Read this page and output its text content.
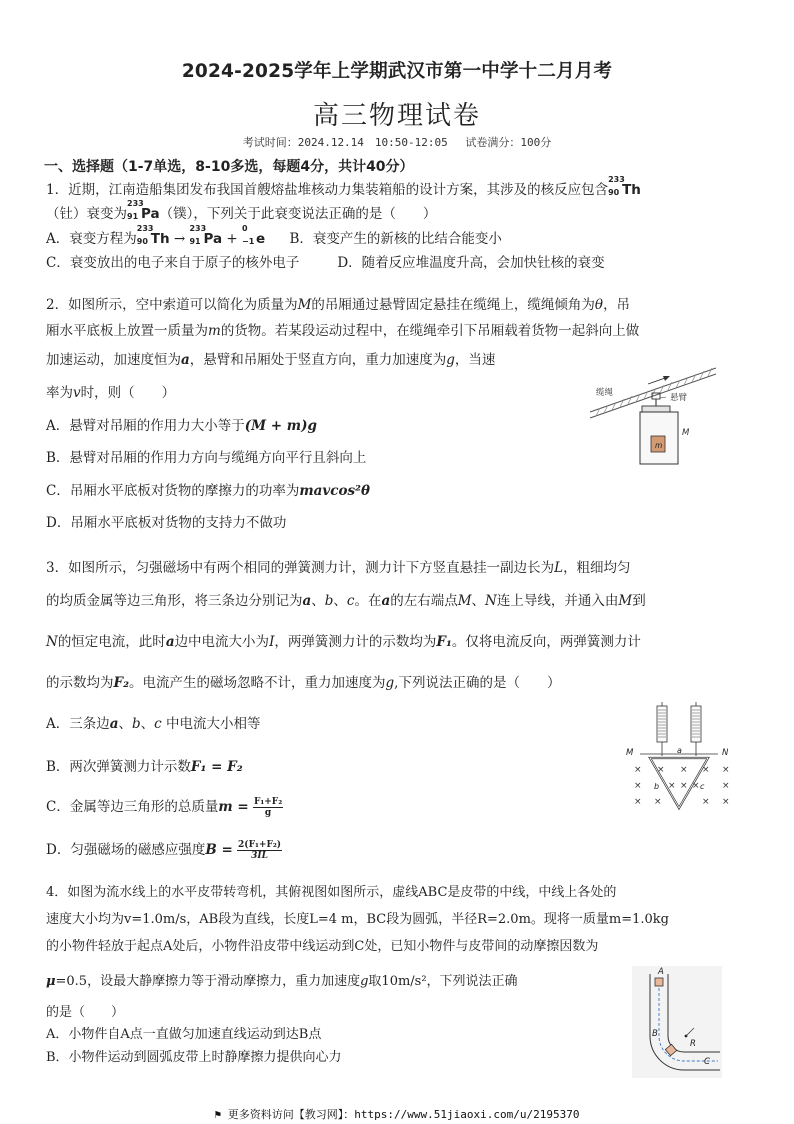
2024-2025学年上学期武汉市第一中学十二月月考
高三物理试卷
考试时间：2024.12.14　10:50-12:05　 试卷满分：100分
一、选择题（1-7单选，8-10多选，每题4分，共计40分）
1．近期，江南造船集团发布我国首艘熔盐堆核动力集装箱船的设计方案，其涉及的核反应包含
233
90 Th
（钍）衰变为
233
91 Pa（镤），下列关于此衰变说法正确的是（　　）
A．衰变方程为
233
90 Th →
233
91 Pa +
0
−1 e B．衰变产生的新核的比结合能变小
C．衰变放出的电子来自于原子的核外电子	D．随着反应堆温度升高，会加快钍核的衰变
2．如图所示，空中索道可以简化为质量为M的吊厢通过悬臂固定悬挂在缆绳上，缆绳倾角为θ，吊
厢水平底板上放置一质量为m的货物。若某段运动过程中，在缆绳牵引下吊厢载着货物一起斜向上做
加速运动，加速度恒为a，悬臂和吊厢处于竖直方向，重力加速度为g，当速
率为v时，则（　　）
A．悬臂对吊厢的作用力大小等于(M + m)g
B．悬臂对吊厢的作用力方向与缆绳方向平行且斜向上
C．吊厢水平底板对货物的摩擦力的功率为mavcos²θ
D．吊厢水平底板对货物的支持力不做功
缆绳	悬臂
M
m
3．如图所示，匀强磁场中有两个相同的弹簧测力计，测力计下方竖直悬挂一副边长为L，粗细均匀
的均质金属等边三角形，将三条边分别记为a、b、c。在a的左右端点M、N连上导线，并通入由M到
N的恒定电流，此时a边中电流大小为I，两弹簧测力计的示数均为F₁。仅将电流反向，两弹簧测力计
的示数均为F₂。电流产生的磁场忽略不计，重力加速度为g,下列说法正确的是（　　）
A．三条边a、b、c 中电流大小相等
B．两次弹簧测力计示数F₁ = F₂
C．金属等边三角形的总质量$m = \frac{\text{F₁+F₂}}{g}$
D．匀强磁场的磁感应强度$B = \frac{\text{2(F₁+F₂)}}{3IL}$
M	N
a
b	c
×
×
×
× × ×
× × ×
×
×
×
×	×
4．如图为流水线上的水平皮带转弯机，其俯视图如图所示，虚线ABC是皮带的中线，中线上各处的
速度大小均为v=1.0m/s，AB段为直线，长度L=4 m，BC段为圆弧，半径R=2.0m。现将一质量m=1.0kg
的小物件轻放于起点A处后，小物件沿皮带中线运动到C处，已知小物件与皮带间的动摩擦因数为
μ=0.5，设最大静摩擦力等于滑动摩擦力，重力加速度g取10m/s²，下列说法正确
的是（　　）
A．小物件自A点一直做匀加速直线运动到达B点
B．小物件运动到圆弧皮带上时静摩擦力提供向心力
A
B
C
R
⚑ 更多资料访问【教习网】：https://www.51jiaoxi.com/u/2195370
